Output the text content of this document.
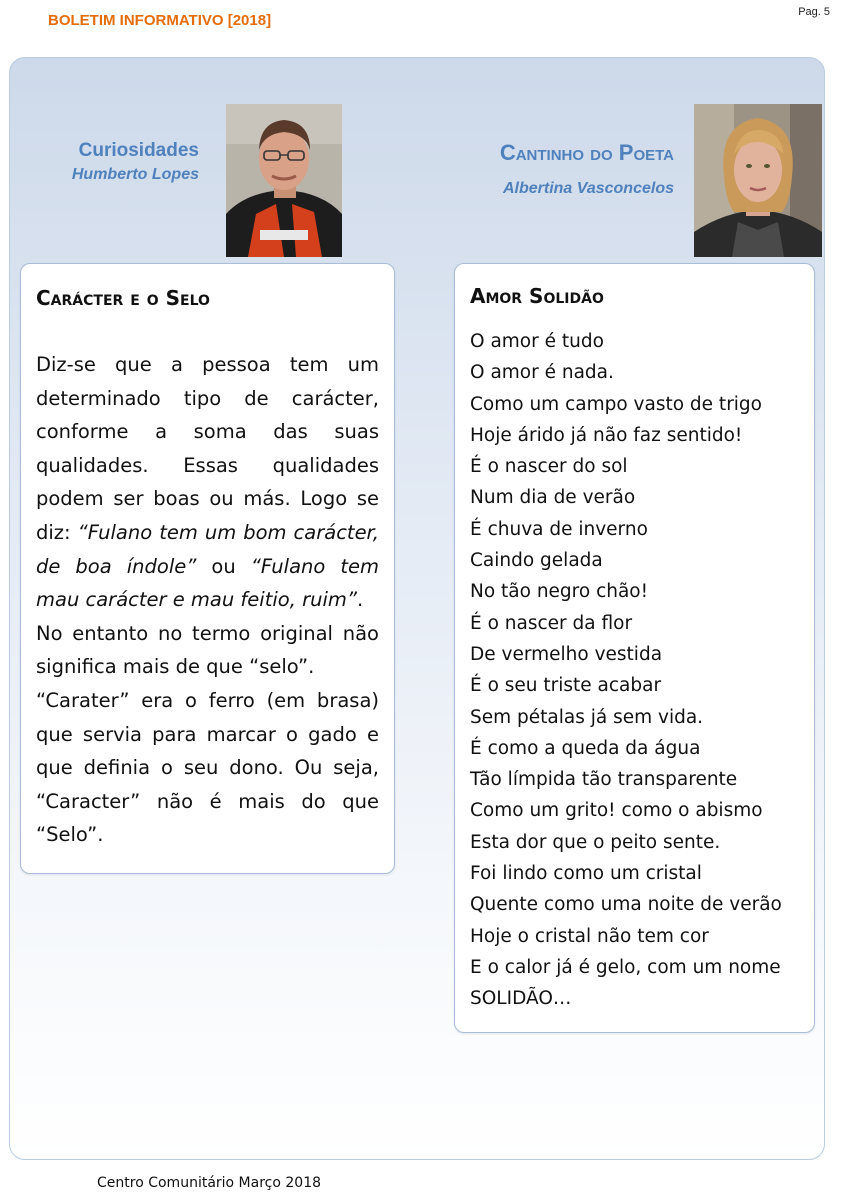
BOLETIM INFORMATIVO [2018]	Pag. 5
Curiosidades
Humberto Lopes
Cantinho do Poeta
Albertina Vasconcelos
Carácter e o Selo

Diz-se que a pessoa tem um determinado tipo de carácter, conforme a soma das suas qualidades. Essas qualidades podem ser boas ou más. Logo se diz: “Fulano tem um bom carácter, de boa índole” ou “Fulano tem mau carácter e mau feitio, ruim”.

No entanto no termo original não significa mais de que “selo”.

“Carater” era o ferro (em brasa) que servia para marcar o gado e que definia o seu dono. Ou seja, “Caracter” não é mais do que “Selo”.

Amor Solidão
O amor é tudo
O amor é nada.
Como um campo vasto de trigo
Hoje árido já não faz sentido!
É o nascer do sol
Num dia de verão
É chuva de inverno
Caindo gelada
No tão negro chão!
É o nascer da flor
De vermelho vestida
É o seu triste acabar
Sem pétalas já sem vida.
É como a queda da água
Tão límpida tão transparente
Como um grito! como o abismo
Esta dor que o peito sente.
Foi lindo como um cristal
Quente como uma noite de verão
Hoje o cristal não tem cor
E o calor já é gelo, com um nome
SOLIDÃO…
Centro Comunitário Março 2018
